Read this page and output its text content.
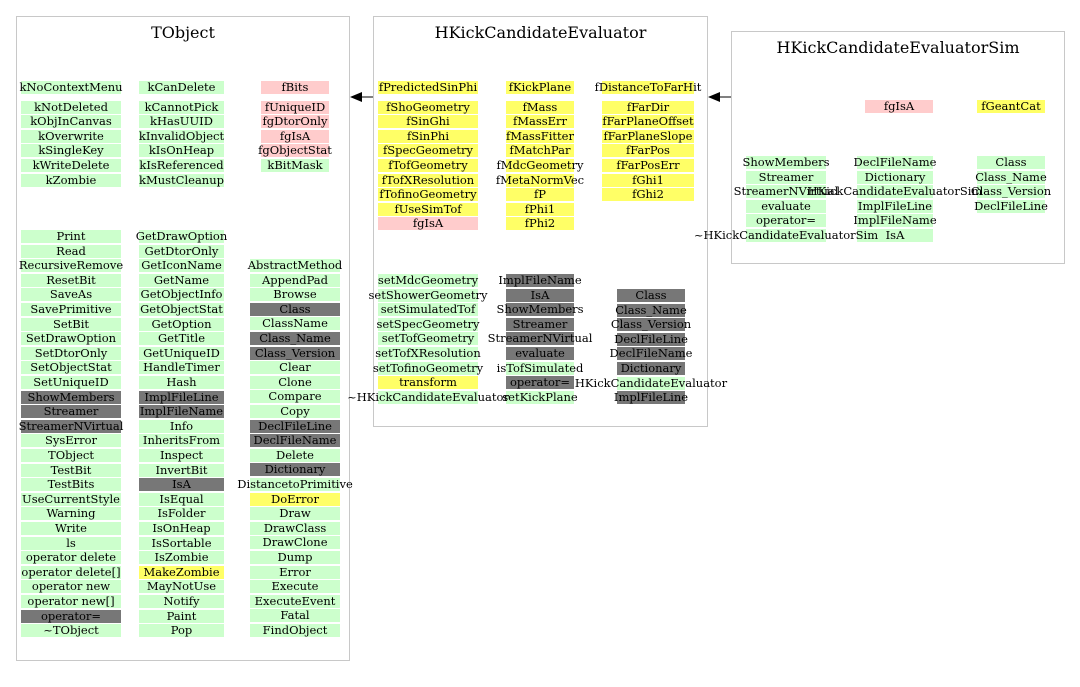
TObject
kNoContextMenu
kNotDeleted
kObjInCanvas
kOverwrite
kSingleKey
kWriteDelete
kZombie
kCanDelete
kCannotPick
kHasUUID
kInvalidObject
kIsOnHeap
kIsReferenced
kMustCleanup
fBits
fUniqueID
fgDtorOnly
fgIsA
fgObjectStat
kBitMask
Print
Read
RecursiveRemove
ResetBit
SaveAs
SavePrimitive
SetBit
SetDrawOption
SetDtorOnly
SetObjectStat
SetUniqueID
ShowMembers
Streamer
StreamerNVirtual
SysError
TObject
TestBit
TestBits
UseCurrentStyle
Warning
Write
ls
operator delete
operator delete[]
operator new
operator new[]
operator=
~TObject
GetDrawOption
GetDtorOnly
GetIconName
GetName
GetObjectInfo
GetObjectStat
GetOption
GetTitle
GetUniqueID
HandleTimer
Hash
ImplFileLine
ImplFileName
Info
InheritsFrom
Inspect
InvertBit
IsA
IsEqual
IsFolder
IsOnHeap
IsSortable
IsZombie
MakeZombie
MayNotUse
Notify
Paint
Pop
AbstractMethod
AppendPad
Browse
Class
ClassName
Class_Name
Class_Version
Clear
Clone
Compare
Copy
DeclFileLine
DeclFileName
Delete
Dictionary
DistancetoPrimitive
DoError
Draw
DrawClass
DrawClone
Dump
Error
Execute
ExecuteEvent
Fatal
FindObject
HKickCandidateEvaluator
fPredictedSinPhi
fShoGeometry
fSinGhi
fSinPhi
fSpecGeometry
fTofGeometry
fTofXResolution
fTofinoGeometry
fUseSimTof
fgIsA
fKickPlane
fMass
fMassErr
fMassFitter
fMatchPar
fMdcGeometry
fMetaNormVec
fP
fPhi1
fPhi2
fDistanceToFarHit
fFarDir
fFarPlaneOffset
fFarPlaneSlope
fFarPos
fFarPosErr
fGhi1
fGhi2
setMdcGeometry
setShowerGeometry
setSimulatedTof
setSpecGeometry
setTofGeometry
setTofXResolution
setTofinoGeometry
transform
~HKickCandidateEvaluator
ImplFileName
IsA
ShowMembers
Streamer
StreamerNVirtual
evaluate
isTofSimulated
operator=
setKickPlane
Class
Class_Name
Class_Version
DeclFileLine
DeclFileName
Dictionary
HKickCandidateEvaluator
ImplFileLine
HKickCandidateEvaluatorSim
fgIsA	fGeantCat
ShowMembers
Streamer
StreamerNVirtual
evaluate
operator=
~HKickCandidateEvaluatorSim
DeclFileName
Dictionary
HKickCandidateEvaluatorSim
ImplFileLine
ImplFileName
IsA
Class
Class_Name
Class_Version
DeclFileLine
